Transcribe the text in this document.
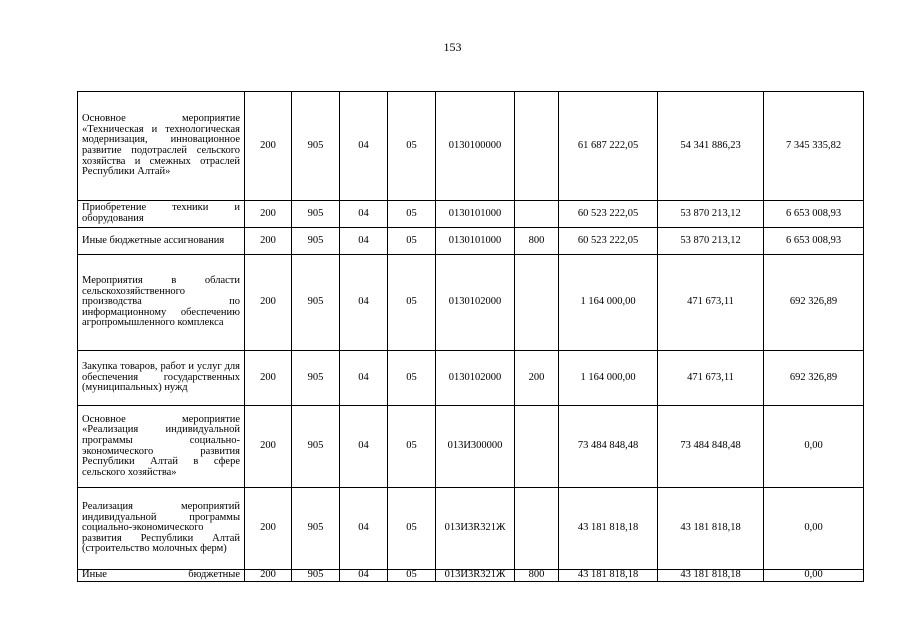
153
Основное мероприятие «Техническая и технологическая модернизация, инновационное развитие подотраслей сельского хозяйства и смежных отраслей Республики Алтай»	200	905	04	05	0130100000		61 687 222,05	54 341 886,23	7 345 335,82
Приобретение техники и оборудования	200	905	04	05	0130101000		60 523 222,05	53 870 213,12	6 653 008,93
Иные бюджетные ассигнования	200	905	04	05	0130101000	800	60 523 222,05	53 870 213,12	6 653 008,93
Мероприятия в области сельскохозяйственного производства по информационному обеспечению агропромышленного комплекса	200	905	04	05	0130102000		1 164 000,00	471 673,11	692 326,89
Закупка товаров, работ и услуг для обеспечения государственных (муниципальных) нужд	200	905	04	05	0130102000	200	1 164 000,00	471 673,11	692 326,89
Основное мероприятие «Реализация индивидуальной программы социально-экономического развития Республики Алтай в сфере сельского хозяйства»	200	905	04	05	013И300000		73 484 848,48	73 484 848,48	0,00
Реализация мероприятий индивидуальной программы социально-экономического развития Республики Алтай (строительство молочных ферм)	200	905	04	05	013И3R321Ж		43 181 818,18	43 181 818,18	0,00
Иные бюджетные	200	905	04	05	013И3R321Ж	800	43 181 818,18	43 181 818,18	0,00
